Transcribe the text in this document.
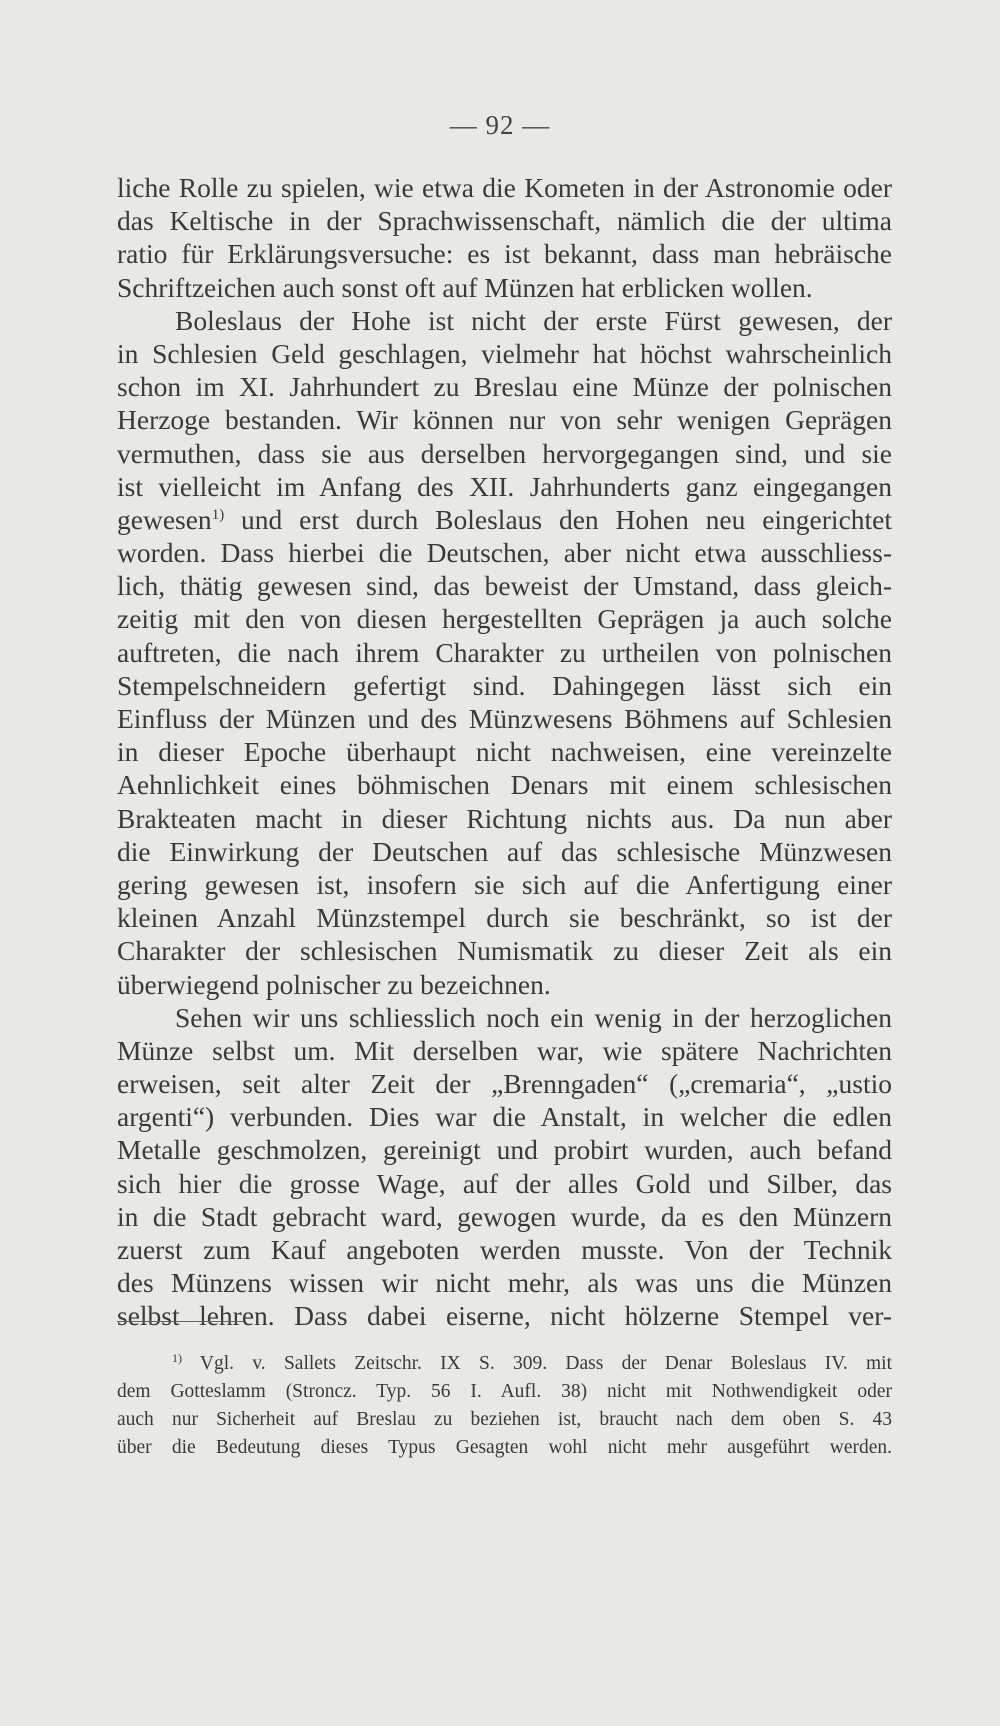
— 92 —
liche Rolle zu spielen, wie etwa die Kometen in der Astronomie oder
das Keltische in der Sprachwissenschaft, nämlich die der ultima
ratio für Erklärungsversuche: es ist bekannt, dass man hebräische
Schriftzeichen auch sonst oft auf Münzen hat erblicken wollen.
Boleslaus der Hohe ist nicht der erste Fürst gewesen, der
in Schlesien Geld geschlagen, vielmehr hat höchst wahrscheinlich
schon im XI. Jahrhundert zu Breslau eine Münze der polnischen
Herzoge bestanden. Wir können nur von sehr wenigen Geprägen
vermuthen, dass sie aus derselben hervorgegangen sind, und sie
ist vielleicht im Anfang des XII. Jahrhunderts ganz eingegangen
gewesen$^{1)}$ und erst durch Boleslaus den Hohen neu eingerichtet
worden. Dass hierbei die Deutschen, aber nicht etwa ausschliess-
lich, thätig gewesen sind, das beweist der Umstand, dass gleich-
zeitig mit den von diesen hergestellten Geprägen ja auch solche
auftreten, die nach ihrem Charakter zu urtheilen von polnischen
Stempelschneidern gefertigt sind. Dahingegen lässt sich ein
Einfluss der Münzen und des Münzwesens Böhmens auf Schlesien
in dieser Epoche überhaupt nicht nachweisen, eine vereinzelte
Aehnlichkeit eines böhmischen Denars mit einem schlesischen
Brakteaten macht in dieser Richtung nichts aus. Da nun aber
die Einwirkung der Deutschen auf das schlesische Münzwesen
gering gewesen ist, insofern sie sich auf die Anfertigung einer
kleinen Anzahl Münzstempel durch sie beschränkt, so ist der
Charakter der schlesischen Numismatik zu dieser Zeit als ein
überwiegend polnischer zu bezeichnen.
Sehen wir uns schliesslich noch ein wenig in der herzoglichen
Münze selbst um. Mit derselben war, wie spätere Nachrichten
erweisen, seit alter Zeit der „Brenngaden“ („cremaria“, „ustio
argenti“) verbunden. Dies war die Anstalt, in welcher die edlen
Metalle geschmolzen, gereinigt und probirt wurden, auch befand
sich hier die grosse Wage, auf der alles Gold und Silber, das
in die Stadt gebracht ward, gewogen wurde, da es den Münzern
zuerst zum Kauf angeboten werden musste. Von der Technik
des Münzens wissen wir nicht mehr, als was uns die Münzen
selbst lehren. Dass dabei eiserne, nicht hölzerne Stempel ver-
$^{1)}$ Vgl. v. Sallets Zeitschr. IX S. 309. Dass der Denar Boleslaus IV. mit
dem Gotteslamm (Stroncz. Typ. 56 I. Aufl. 38) nicht mit Nothwendigkeit oder
auch nur Sicherheit auf Breslau zu beziehen ist, braucht nach dem oben S. 43
über die Bedeutung dieses Typus Gesagten wohl nicht mehr ausgeführt werden.
